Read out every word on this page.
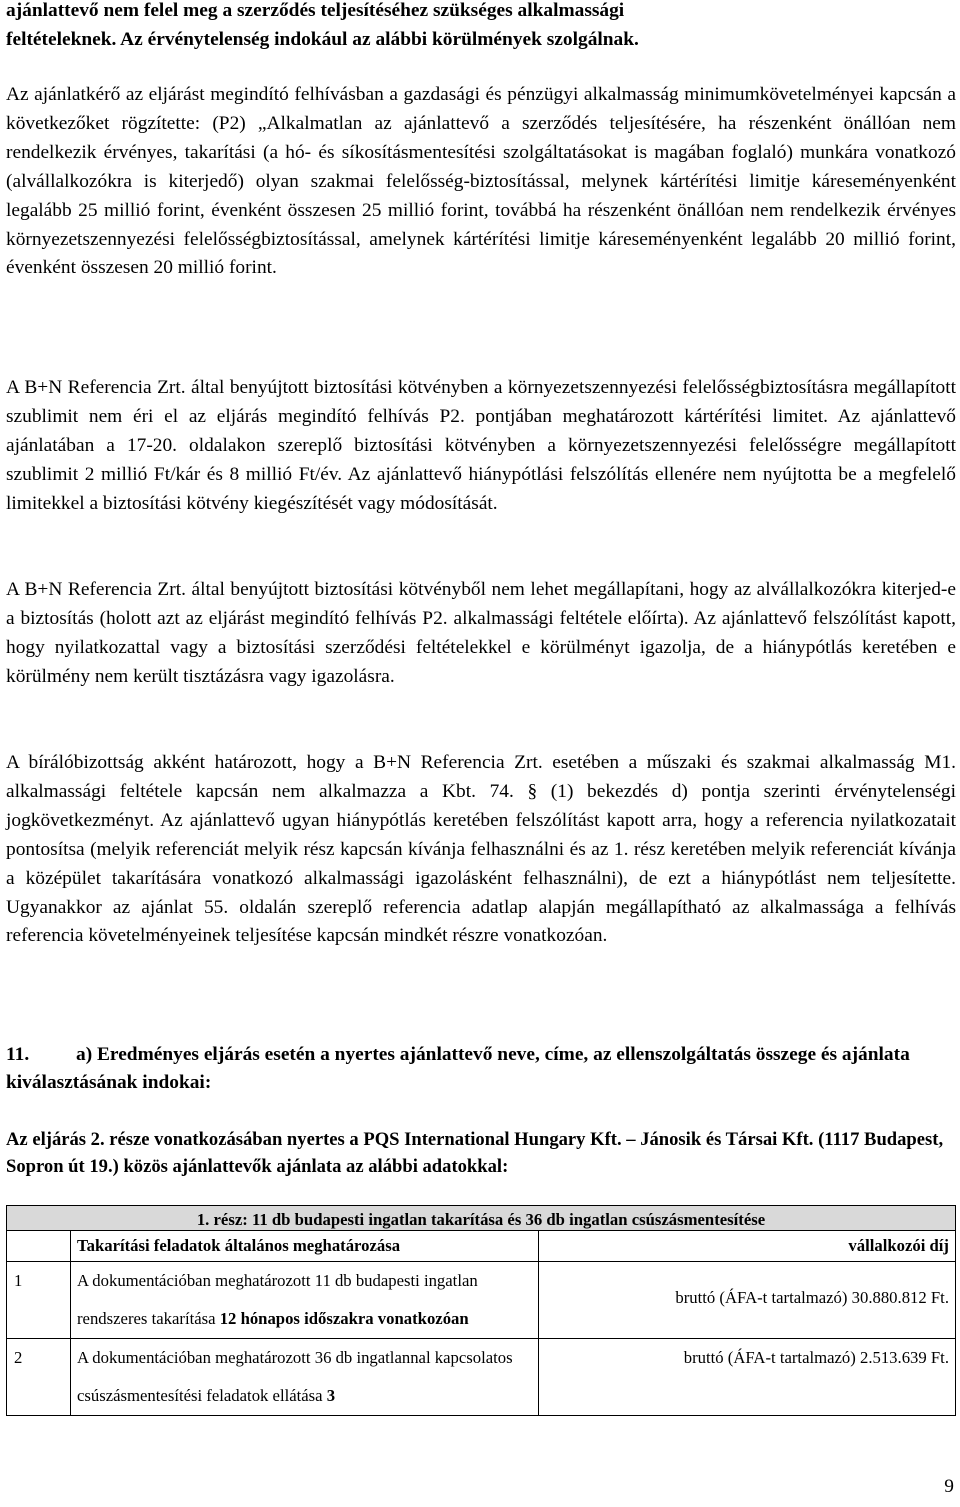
ajánlattevő nem felel meg a szerződés teljesítéséhez szükséges alkalmassági
feltételeknek. Az érvénytelenség indokául az alábbi körülmények szolgálnak.

Az ajánlatkérő az eljárást megindító felhívásban a gazdasági és pénzügyi alkalmasság minimumkövetelményei kapcsán a következőket rögzítette: (P2) „Alkalmatlan az ajánlattevő a szerződés teljesítésére, ha részenként önállóan nem rendelkezik érvényes, takarítási (a hó- és síkosításmentesítési szolgáltatásokat is magában foglaló) munkára vonatkozó (alvállalkozókra is kiterjedő) olyan szakmai felelősség-biztosítással, melynek kártérítési limitje káreseményenként legalább 25 millió forint, évenként összesen 25 millió forint, továbbá ha részenként önállóan nem rendelkezik érvényes környezetszennyezési felelősségbiztosítással, amelynek kártérítési limitje káreseményenként legalább 20 millió forint, évenként összesen 20 millió forint.

A B+N Referencia Zrt. által benyújtott biztosítási kötvényben a környezetszennyezési felelősségbiztosításra megállapított szublimit nem éri el az eljárás megindító felhívás P2. pontjában meghatározott kártérítési limitet. Az ajánlattevő ajánlatában a 17-20. oldalakon szereplő biztosítási kötvényben a környezetszennyezési felelősségre megállapított szublimit 2 millió Ft/kár és 8 millió Ft/év. Az ajánlattevő hiánypótlási felszólítás ellenére nem nyújtotta be a megfelelő limitekkel a biztosítási kötvény kiegészítését vagy módosítását.

A B+N Referencia Zrt. által benyújtott biztosítási kötvényből nem lehet megállapítani, hogy az alvállalkozókra kiterjed-e a biztosítás (holott azt az eljárást megindító felhívás P2. alkalmassági feltétele előírta). Az ajánlattevő felszólítást kapott, hogy nyilatkozattal vagy a biztosítási szerződési feltételekkel e körülményt igazolja, de a hiánypótlás keretében e körülmény nem került tisztázásra vagy igazolásra.

A bírálóbizottság akként határozott, hogy a B+N Referencia Zrt. esetében a műszaki és szakmai alkalmasság M1. alkalmassági feltétele kapcsán nem alkalmazza a Kbt. 74. § (1) bekezdés d) pontja szerinti érvénytelenségi jogkövetkezményt. Az ajánlattevő ugyan hiánypótlás keretében felszólítást kapott arra, hogy a referencia nyilatkozatait pontosítsa (melyik referenciát melyik rész kapcsán kívánja felhasználni és az 1. rész keretében melyik referenciát kívánja a középület takarítására vonatkozó alkalmassági igazolásként felhasználni), de ezt a hiánypótlást nem teljesítette. Ugyanakkor az ajánlat 55. oldalán szereplő referencia adatlap alapján megállapítható az alkalmassága a felhívás referencia követelményeinek teljesítése kapcsán mindkét részre vonatkozóan.

11. a) Eredményes eljárás esetén a nyertes ajánlattevő neve, címe, az ellenszolgáltatás összege és ajánlata kiválasztásának indokai:
Az eljárás 2. része vonatkozásában nyertes a PQS International Hungary Kft. – Jánosik és Társai Kft. (1117 Budapest, Sopron út 19.) közös ajánlattevők ajánlata az alábbi adatokkal:
1. rész: 11 db budapesti ingatlan takarítása és 36 db ingatlan csúszásmentesítése		
	Takarítási feladatok általános meghatározása	vállalkozói díj
1	A dokumentációban meghatározott 11 db budapesti ingatlan rendszeres takarítása 12 hónapos időszakra vonatkozóan	bruttó (ÁFA-t tartalmazó) 30.880.812 Ft.
2	A dokumentációban meghatározott 36 db ingatlannal kapcsolatos csúszásmentesítési feladatok ellátása 3	bruttó (ÁFA-t tartalmazó) 2.513.639 Ft.
9
